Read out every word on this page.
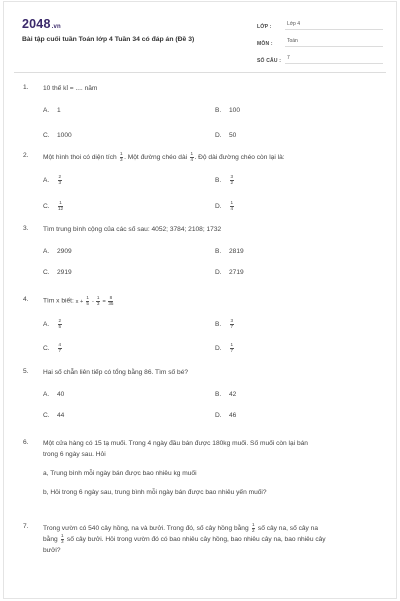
2048.vn
Bài tập cuối tuần Toán lớp 4 Tuần 34 có đáp án (Đề 3)
LỚP :	Lớp 4
MÔN :	Toán
SỐ CÂU :	7
1.	10 thế kỉ = .... năm
A. 1	B. 100
C. 1000	D. 50
2.	Một hình thoi có diện tích $\frac{1}{3}$ . Một đường chéo dài $\frac{1}{4}$ . Độ dài đường chéo còn lại là:
A. $\frac{2}{3}$	B. $\frac{3}{2}$
C. $\frac{1}{12}$	D. $\frac{1}{4}$
3.	Tìm trung bình cộng của các số sau: 4052; 3784; 2108; 1732
A. 2909	B. 2819
C. 2919	D. 2719
4.	Tìm x biết: $x + \frac{1}{5} - \frac{1}{3} = \frac{8}{35}$
A. $\frac{2}{5}$	B. $\frac{3}{7}$
C. $\frac{4}{7}$	D. $\frac{1}{7}$
5.	Hai số chẵn liên tiếp có tổng bằng 86. Tìm số bé?
A. 40	B. 42
C. 44	D. 46
6.	Một cửa hàng có 15 tạ muối. Trong 4 ngày đầu bán được 180kg muối. Số muối còn lại bán
trong 6 ngày sau. Hỏi
a, Trung bình mỗi ngày bán được bao nhiêu kg muối
b, Hỏi trong 6 ngày sau, trung bình mỗi ngày bán được bao nhiêu yến muối?
7.	Trong vườn có 540 cây hồng, na và bưởi. Trong đó, số cây hồng bằng $\frac{1}{2}$ số cây na, số cây na
bằng $\frac{1}{3}$ số cây bưởi. Hỏi trong vườn đó có bao nhiêu cây hồng, bao nhiêu cây na, bao nhiêu cây
bưởi?
